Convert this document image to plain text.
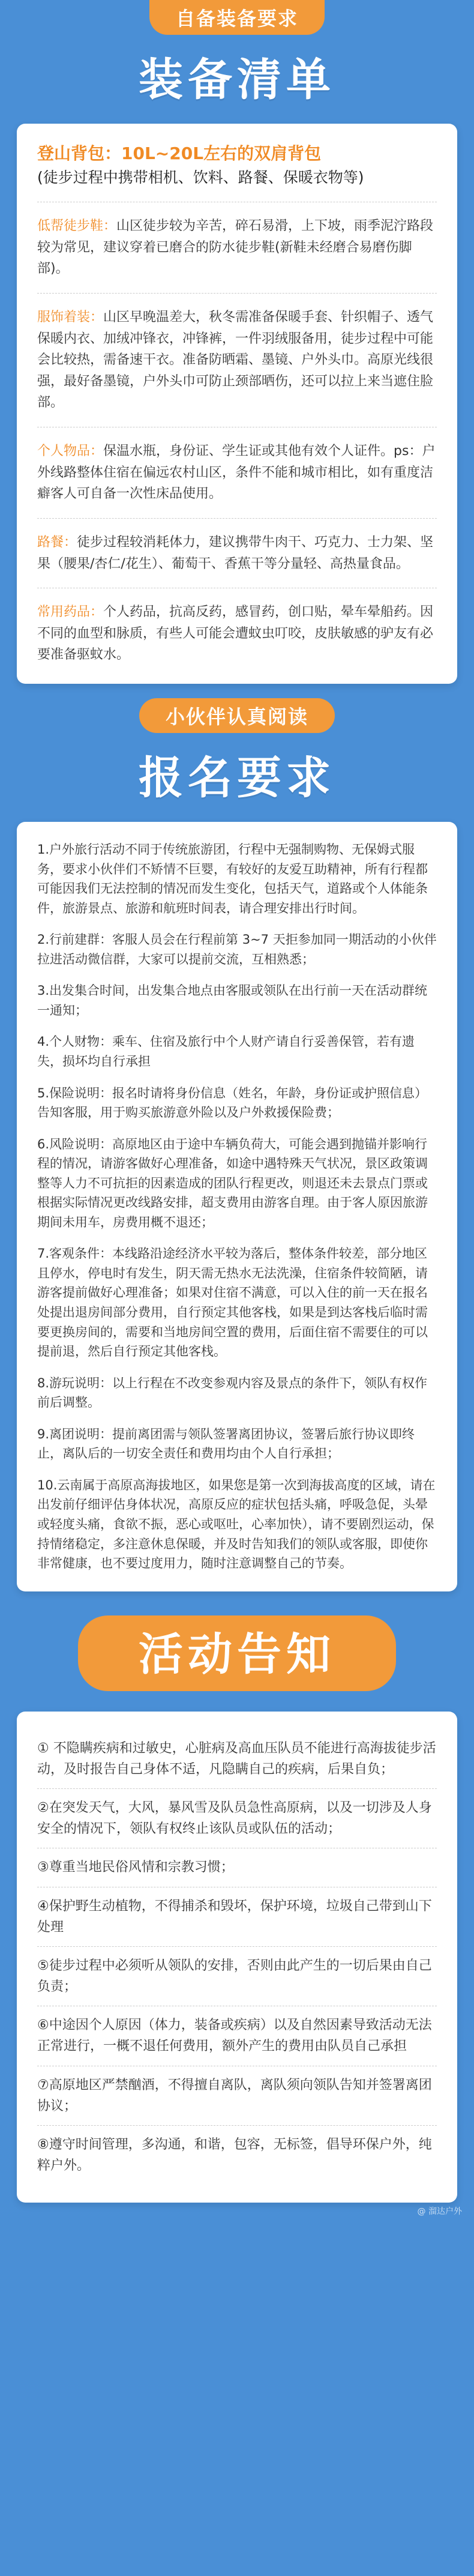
自备装备要求
装备清单
登山背包：10L~20L左右的双肩背包
(徒步过程中携带相机、饮料、路餐、保暖衣物等)
低帮徒步鞋：山区徒步较为辛苦，碎石易滑，上下坡，雨季泥泞路段较为常见，建议穿着已磨合的防水徒步鞋(新鞋未经磨合易磨伤脚部)。
服饰着装：山区早晚温差大，秋冬需准备保暖手套、针织帽子、透气保暖内衣、加绒冲锋衣，冲锋裤，一件羽绒服备用，徒步过程中可能会比较热，需备速干衣。准备防晒霜、墨镜、户外头巾。高原光线很强，最好备墨镜，户外头巾可防止颈部晒伤，还可以拉上来当遮住脸部。
个人物品：保温水瓶，身份证、学生证或其他有效个人证件。ps：户外线路整体住宿在偏远农村山区，条件不能和城市相比，如有重度洁癖客人可自备一次性床品使用。
路餐：徒步过程较消耗体力，建议携带牛肉干、巧克力、士力架、坚果（腰果/杏仁/花生）、葡萄干、香蕉干等分量轻、高热量食品。
常用药品：个人药品，抗高反药，感冒药，创口贴，晕车晕船药。因不同的血型和脉质，有些人可能会遭蚊虫叮咬，皮肤敏感的驴友有必要准备驱蚊水。
小伙伴认真阅读
报名要求

1.户外旅行活动不同于传统旅游团，行程中无强制购物、无保姆式服务，要求小伙伴们不矫情不巨婴，有较好的友爱互助精神，所有行程都可能因我们无法控制的情况而发生变化，包括天气，道路或个人体能条件，旅游景点、旅游和航班时间表，请合理安排出行时间。

2.行前建群：客服人员会在行程前第 3~7 天拒参加同一期活动的小伙伴拉进活动微信群，大家可以提前交流，互相熟悉；

3.出发集合时间，出发集合地点由客服或领队在出行前一天在活动群统一通知；

4.个人财物：乘车、住宿及旅行中个人财产请自行妥善保管，若有遗失，损坏均自行承担

5.保险说明：报名时请将身份信息（姓名，年龄，身份证或护照信息）告知客服，用于购买旅游意外险以及户外救援保险费；

6.风险说明：高原地区由于途中车辆负荷大，可能会遇到抛锚并影响行程的情况，请游客做好心理准备，如途中遇特殊天气状况，景区政策调整等人力不可抗拒的因素造成的团队行程更改，则退还未去景点门票或根据实际情况更改线路安排，超支费用由游客自理。由于客人原因旅游期间未用车，房费用概不退还；

7.客观条件：本线路沿途经济水平较为落后，整体条件较差，部分地区且停水，停电时有发生，阴天需无热水无法洗澡，住宿条件较简陋，请游客提前做好心理准备；如果对住宿不满意，可以入住的前一天在报名处提出退房间部分费用，自行预定其他客栈，如果是到达客栈后临时需要更换房间的，需要和当地房间空置的费用，后面住宿不需要住的可以提前退，然后自行预定其他客栈。

8.游玩说明：以上行程在不改变参观内容及景点的条件下，领队有权作前后调整。

9.离团说明：提前离团需与领队签署离团协议，签署后旅行协议即终止，离队后的一切安全责任和费用均由个人自行承担；

10.云南属于高原高海拔地区，如果您是第一次到海拔高度的区域，请在出发前仔细评估身体状况，高原反应的症状包括头痛，呼吸急促，头晕或轻度头痛，食欲不振，恶心或呕吐，心率加快），请不要剧烈运动，保持情绪稳定，多注意休息保暖，并及时告知我们的领队或客服，即使你非常健康，也不要过度用力，随时注意调整自己的节奏。

活动告知

① 不隐瞒疾病和过敏史，心脏病及高血压队员不能进行高海拔徒步活动，及时报告自己身体不适，凡隐瞒自己的疾病，后果自负；

②在突发天气，大风，暴风雪及队员急性高原病，以及一切涉及人身安全的情况下，领队有权终止该队员或队伍的活动；

③尊重当地民俗风情和宗教习惯；

④保护野生动植物，不得捕杀和毁坏，保护环境，垃圾自己带到山下处理

⑤徒步过程中必须听从领队的安排，否则由此产生的一切后果由自己负责；

⑥中途因个人原因（体力，装备或疾病）以及自然因素导致活动无法正常进行，一概不退任何费用，额外产生的费用由队员自己承担

⑦高原地区严禁酗酒，不得擅自离队，离队须向领队告知并签署离团协议；

⑧遵守时间管理，多沟通，和谐，包容，无标签，倡导环保户外，纯粹户外。

@ 溜达户外
